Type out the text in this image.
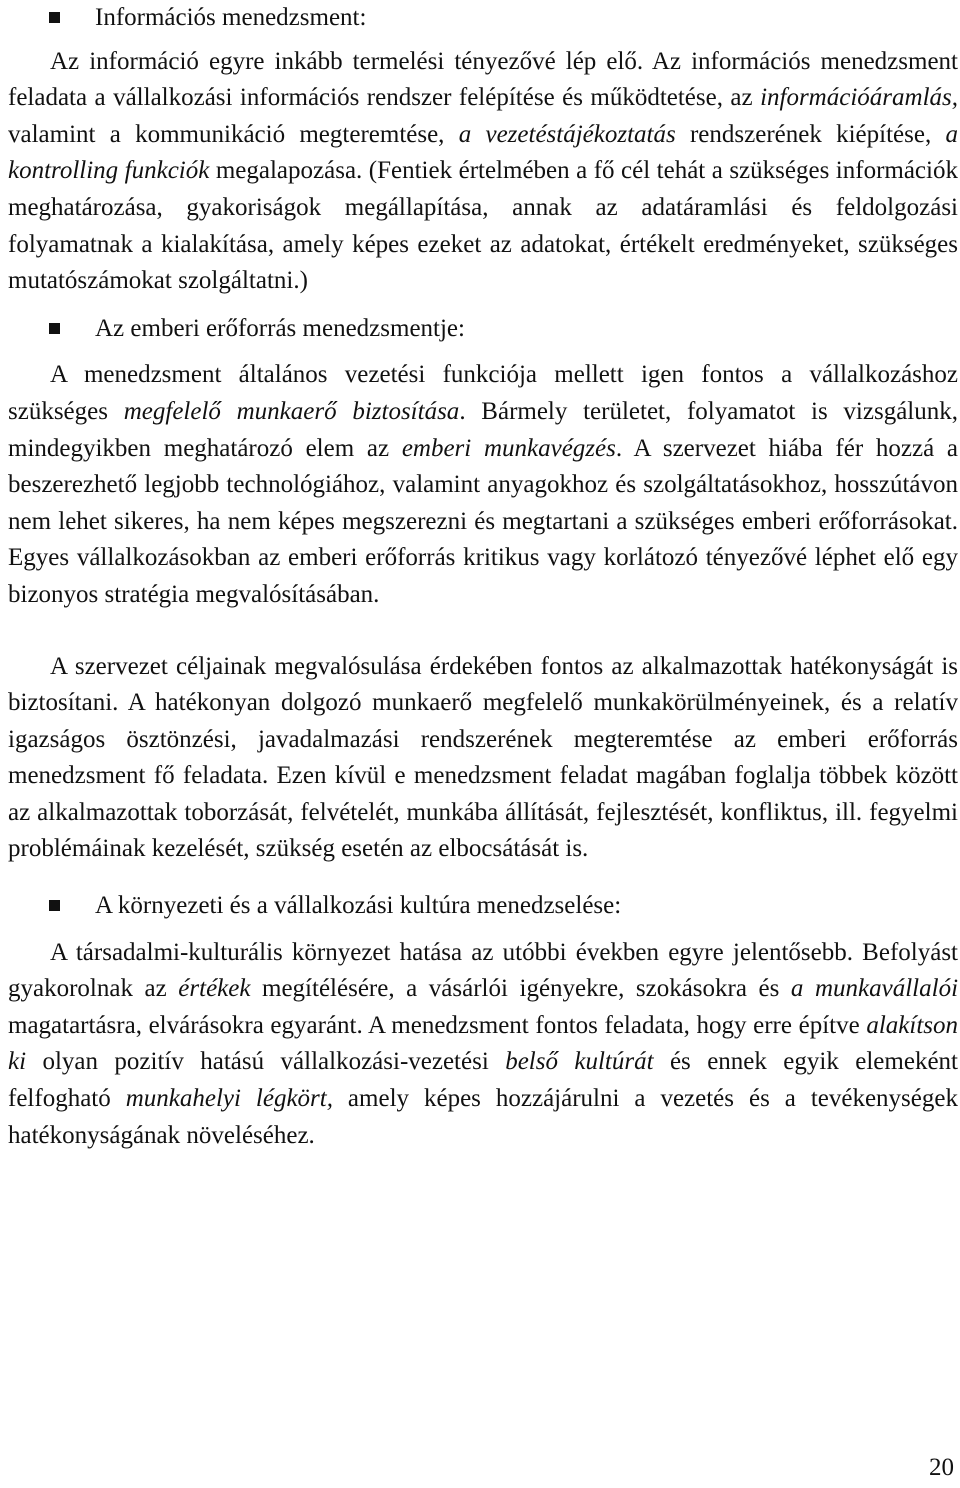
Információs menedzsment:

Az információ egyre inkább termelési tényezővé lép elő. Az információs menedzsment feladata a vállalkozási információs rendszer felépítése és működtetése, az információáramlás, valamint a kommunikáció megteremtése, a vezetéstájékoztatás rendszerének kiépítése, a kontrolling funkciók megalapozása. (Fentiek értelmében a fő cél tehát a szükséges információk meghatározása, gyakoriságok megállapítása, annak az adatáramlási és feldolgozási folyamatnak a kialakítása, amely képes ezeket az adatokat, értékelt eredményeket, szükséges mutatószámokat szolgáltatni.)

Az emberi erőforrás menedzsmentje:

A menedzsment általános vezetési funkciója mellett igen fontos a vállalkozáshoz szükséges megfelelő munkaerő biztosítása. Bármely területet, folyamatot is vizsgálunk, mindegyikben meghatározó elem az emberi munkavégzés. A szervezet hiába fér hozzá a beszerezhető legjobb technológiához, valamint anyagokhoz és szolgáltatásokhoz, hosszútávon nem lehet sikeres, ha nem képes megszerezni és megtartani a szükséges emberi erőforrásokat. Egyes vállalkozásokban az emberi erőforrás kritikus vagy korlátozó tényezővé léphet elő egy bizonyos stratégia megvalósításában.

A szervezet céljainak megvalósulása érdekében fontos az alkalmazottak hatékonyságát is biztosítani. A hatékonyan dolgozó munkaerő megfelelő munkakörülményeinek, és a relatív igazságos ösztönzési, javadalmazási rendszerének megteremtése az emberi erőforrás menedzsment fő feladata. Ezen kívül e menedzsment feladat magában foglalja többek között az alkalmazottak toborzását, felvételét, munkába állítását, fejlesztését, konfliktus, ill. fegyelmi problémáinak kezelését, szükség esetén az elbocsátását is.

A környezeti és a vállalkozási kultúra menedzselése:

A társadalmi-kulturális környezet hatása az utóbbi években egyre jelentősebb. Befolyást gyakorolnak az értékek megítélésére, a vásárlói igényekre, szokásokra és a munkavállalói magatartásra, elvárásokra egyaránt. A menedzsment fontos feladata, hogy erre építve alakítson ki olyan pozitív hatású vállalkozási-vezetési belső kultúrát és ennek egyik elemeként felfogható munkahelyi légkört, amely képes hozzájárulni a vezetés és a tevékenységek hatékonyságának növeléséhez.

20
